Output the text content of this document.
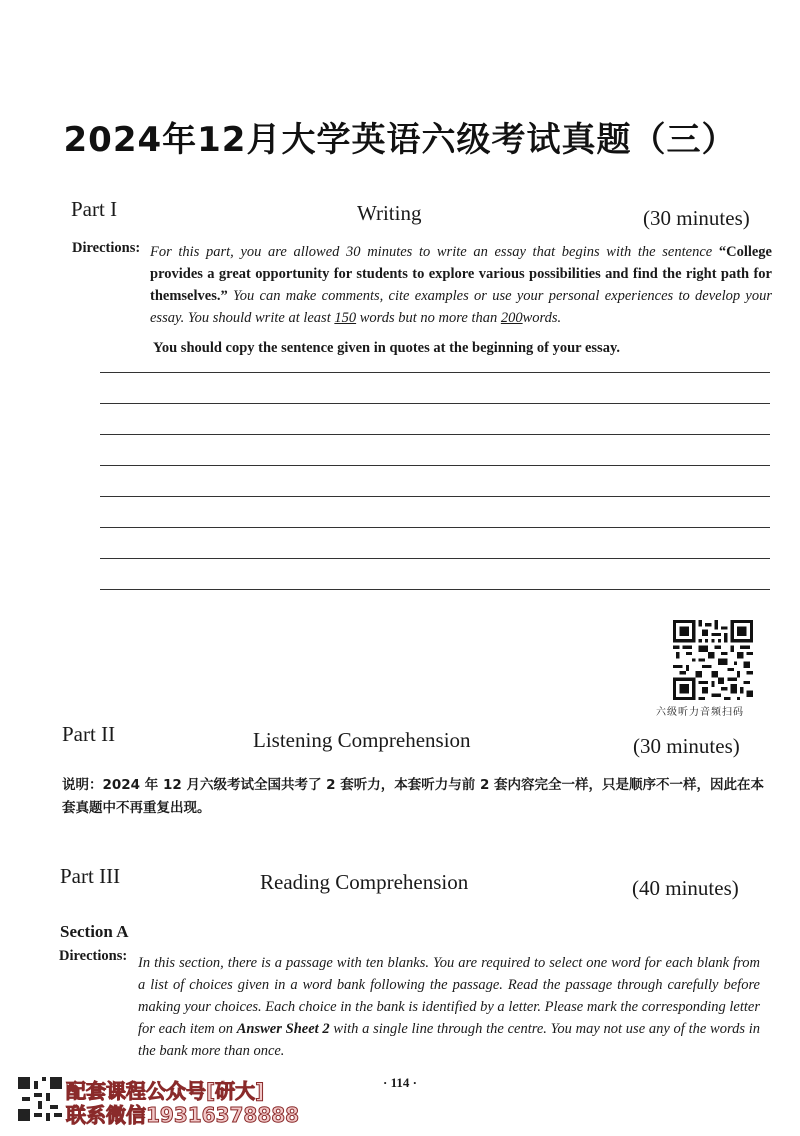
2024年12月大学英语六级考试真题（三）
Part I	Writing	(30 minutes)
Directions: For this part, you are allowed 30 minutes to write an essay that begins with the sentence “College provides a great opportunity for students to explore various possibilities and find the right path for themselves.” You can make comments, cite examples or use your personal experiences to develop your essay. You should write at least 150 words but no more than 200words.
You should copy the sentence given in quotes at the beginning of your essay.
六级听力音频扫码
Part II	Listening Comprehension	(30 minutes)
说明：2024 年 12 月六级考试全国共考了 2 套听力，本套听力与前 2 套内容完全一样，只是顺序不一样，因此在本套真题中不再重复出现。
Part III	Reading Comprehension	(40 minutes)
Section A
Directions: In this section, there is a passage with ten blanks. You are required to select one word for each blank from a list of choices given in a word bank following the passage. Read the passage through carefully before making your choices. Each choice in the bank is identified by a letter. Please mark the corresponding letter for each item on Answer Sheet 2 with a single line through the centre. You may not use any of the words in the bank more than once.
· 114 ·
配套课程公众号[研大]
联系微信19316378888
